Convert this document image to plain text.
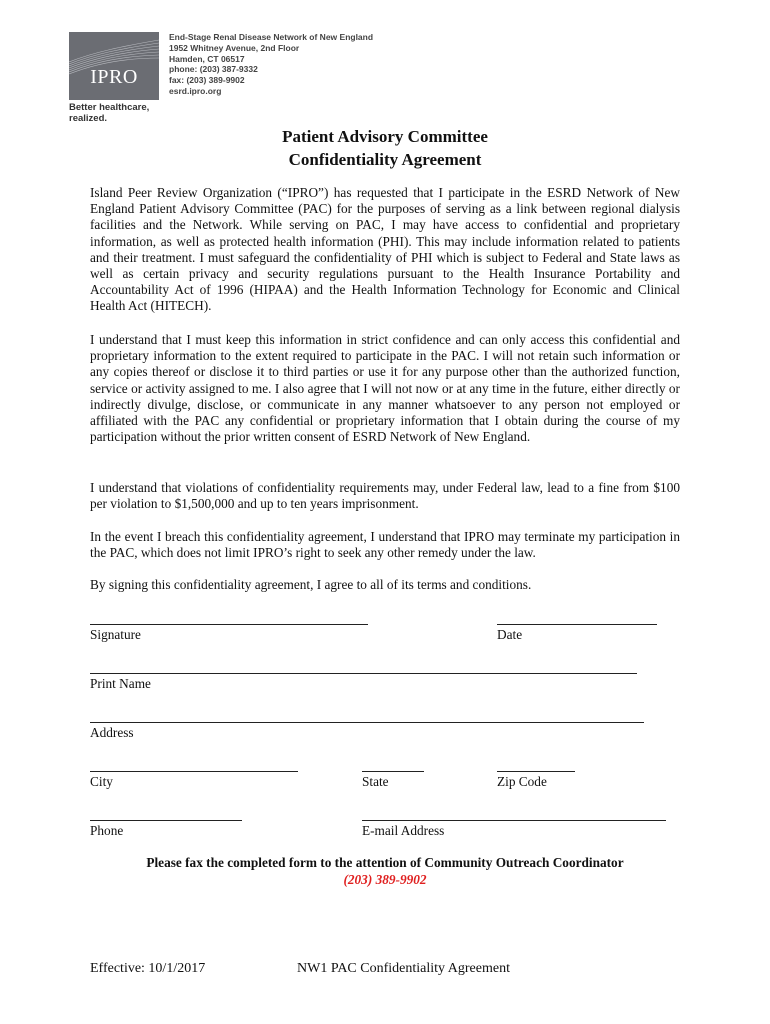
IPRO
Better healthcare,
realized.
End-Stage Renal Disease Network of New England
1952 Whitney Avenue, 2nd Floor
Hamden, CT 06517
phone: (203) 387-9332
fax: (203) 389-9902
esrd.ipro.org
Patient Advisory Committee
Confidentiality Agreement
Island Peer Review Organization (“IPRO”) has requested that I participate in the ESRD Network of New England Patient Advisory Committee (PAC) for the purposes of serving as a link between regional dialysis facilities and the Network. While serving on PAC, I may have access to confidential and proprietary information, as well as protected health information (PHI). This may include information related to patients and their treatment. I must safeguard the confidentiality of PHI which is subject to Federal and State laws as well as certain privacy and security regulations pursuant to the Health Insurance Portability and Accountability Act of 1996 (HIPAA) and the Health Information Technology for Economic and Clinical Health Act (HITECH).
I understand that I must keep this information in strict confidence and can only access this confidential and proprietary information to the extent required to participate in the PAC. I will not retain such information or any copies thereof or disclose it to third parties or use it for any purpose other than the authorized function, service or activity assigned to me. I also agree that I will not now or at any time in the future, either directly or indirectly divulge, disclose, or communicate in any manner whatsoever to any person not employed or affiliated with the PAC any confidential or proprietary information that I obtain during the course of my participation without the prior written consent of ESRD Network of New England.
I understand that violations of confidentiality requirements may, under Federal law, lead to a fine from $100 per violation to $1,500,000 and up to ten years imprisonment.
In the event I breach this confidentiality agreement, I understand that IPRO may terminate my participation in the PAC, which does not limit IPRO’s right to seek any other remedy under the law.
By signing this confidentiality agreement, I agree to all of its terms and conditions.
Signature	Date
Print Name
Address
City	State	Zip Code
Phone	E-mail Address
Please fax the completed form to the attention of Community Outreach Coordinator
(203) 389-9902
Effective: 10/1/2017	NW1 PAC Confidentiality Agreement
